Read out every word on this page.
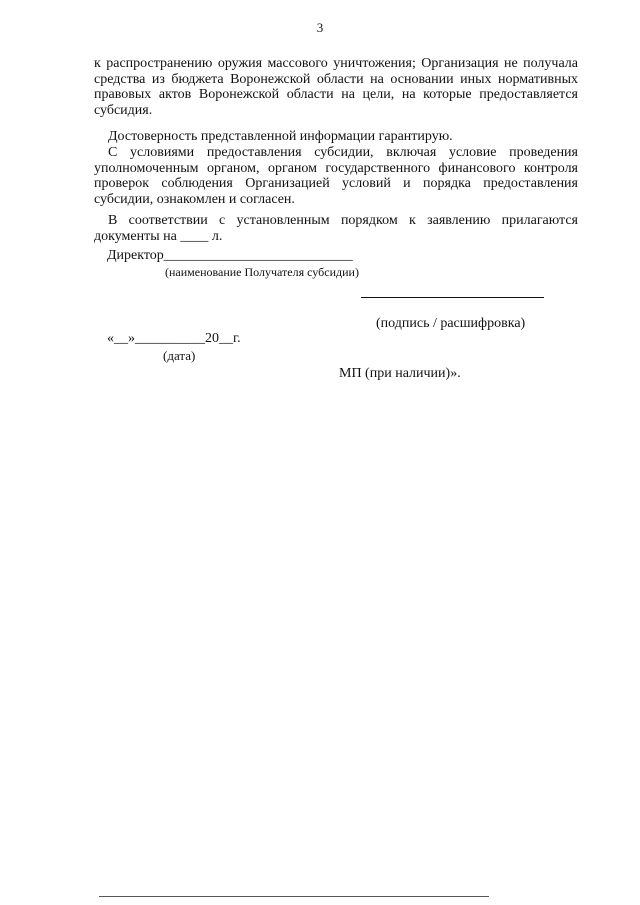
3
к распространению оружия массового уничтожения; Организация не получала средства из бюджета Воронежской области на основании иных нормативных правовых актов Воронежской области на цели, на которые предоставляется субсидия.
Достоверность представленной информации гарантирую.
С условиями предоставления субсидии, включая условие проведения уполномоченным органом, органом государственного финансового контроля проверок соблюдения Организацией условий и порядка предоставления субсидии, ознакомлен и согласен.
В соответствии с установленным порядком к заявлению прилагаются документы на ____ л.
Директор___________________________
(наименование Получателя субсидии)
(подпись / расшифровка)
«__»__________20__г.
(дата)
МП (при наличии)».
